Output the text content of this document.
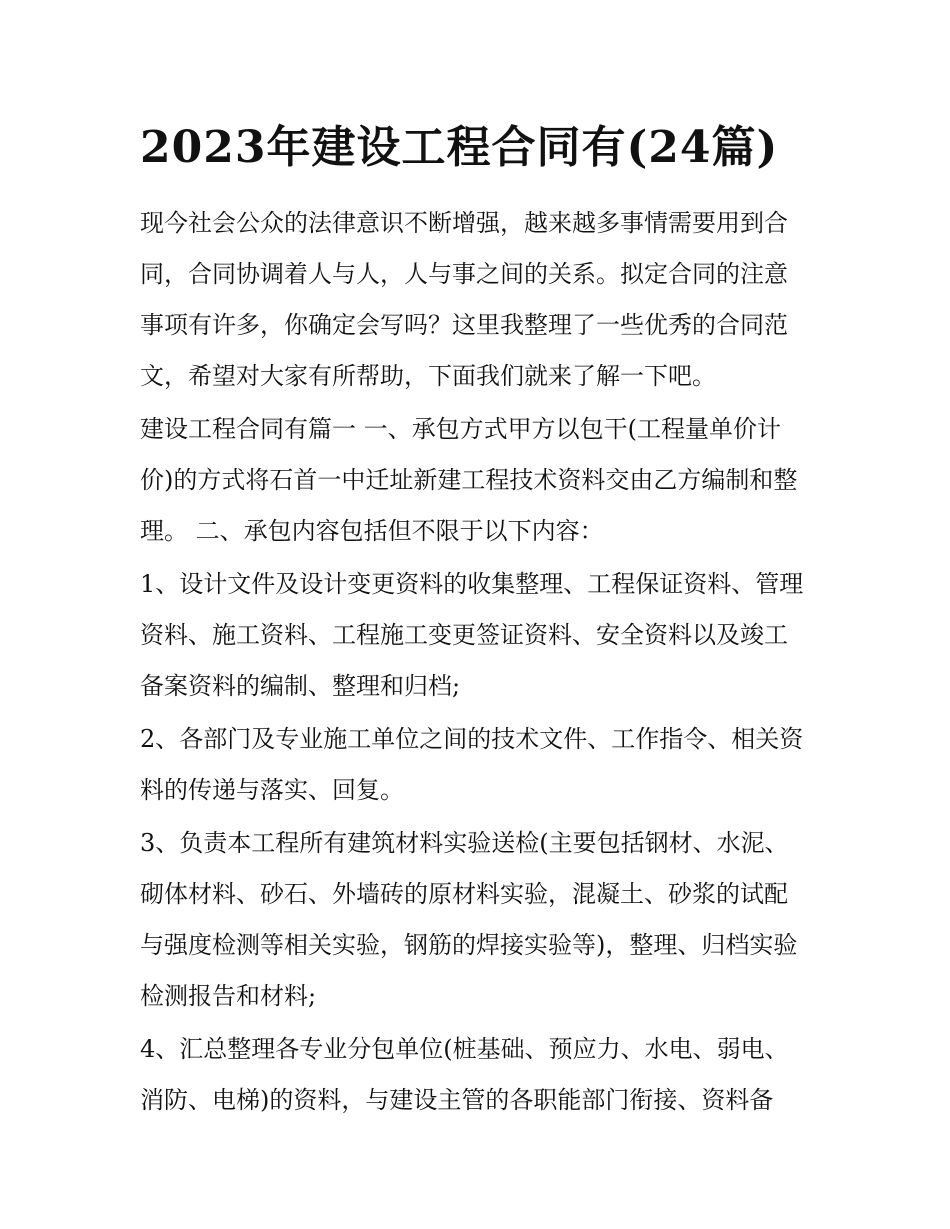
2023年建设工程合同有(24篇)

现今社会公众的法律意识不断增强，越来越多事情需要用到合同，合同协调着人与人，人与事之间的关系。拟定合同的注意事项有许多，你确定会写吗？这里我整理了一些优秀的合同范文，希望对大家有所帮助，下面我们就来了解一下吧。

建设工程合同有篇一 一、承包方式甲方以包干(工程量单价计价)的方式将石首一中迁址新建工程技术资料交由乙方编制和整理。 二、承包内容包括但不限于以下内容：

1、设计文件及设计变更资料的收集整理、工程保证资料、管理资料、施工资料、工程施工变更签证资料、安全资料以及竣工备案资料的编制、整理和归档;

2、各部门及专业施工单位之间的技术文件、工作指令、相关资料的传递与落实、回复。

3、负责本工程所有建筑材料实验送检(主要包括钢材、水泥、砌体材料、砂石、外墙砖的原材料实验，混凝土、砂浆的试配与强度检测等相关实验，钢筋的焊接实验等)，整理、归档实验检测报告和材料;

4、汇总整理各专业分包单位(桩基础、预应力、水电、弱电、消防、电梯)的资料，与建设主管的各职能部门衔接、资料备
